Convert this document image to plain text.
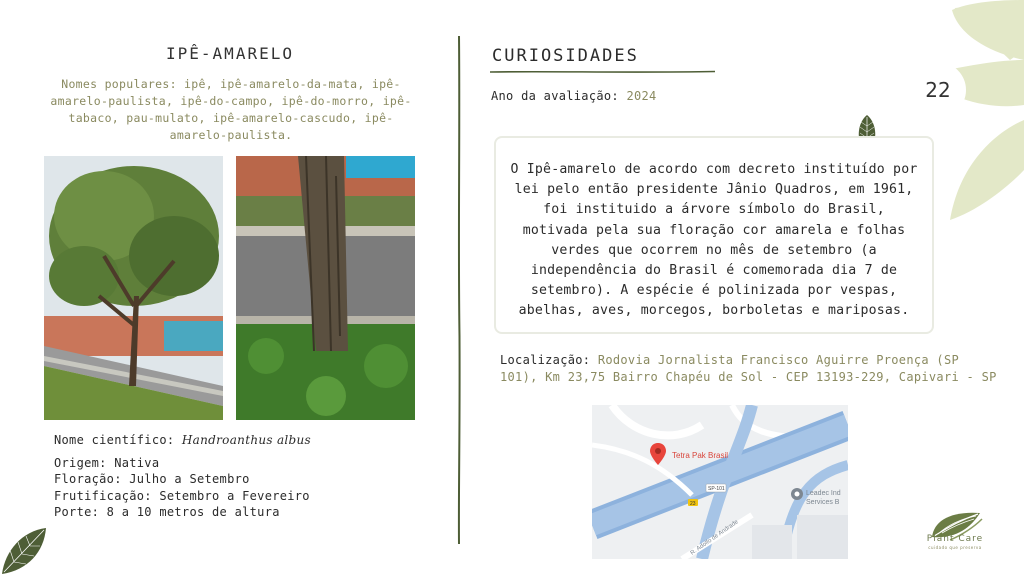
IPÊ-AMARELO
Nomes populares: ipê, ipê-amarelo-da-mata, ipê-amarelo-paulista, ipê-do-campo, ipê-do-morro, ipê-tabaco, pau-mulato, ipê-amarelo-cascudo, ipê-amarelo-paulista.
Nome científico: Handroanthus albus
Origem: Nativa
Floração: Julho a Setembro
Frutificação: Setembro a Fevereiro
Porte: 8 a 10 metros de altura
CURIOSIDADES
Ano da avaliação: 2024	22

O Ipê-amarelo de acordo com decreto instituído por lei pelo então presidente Jânio Quadros, em 1961, foi instituido a árvore símbolo do Brasil, motivada pela sua floração cor amarela e folhas verdes que ocorrem no mês de setembro (a independência do Brasil é comemorada dia 7 de setembro). A espécie é polinizada por vespas, abelhas, aves, morcegos, borboletas e mariposas.

Localização: Rodovia Jornalista Francisco Aguirre Proença (SP 101), Km 23,75 Bairro Chapéu de Sol - CEP 13193-229, Capivari - SP
Tetra Pak Brasil
SP-101
23
Leadec Ind
Services B
R. Adolfo de Andrade	Plant Care
cuidado que preserva
